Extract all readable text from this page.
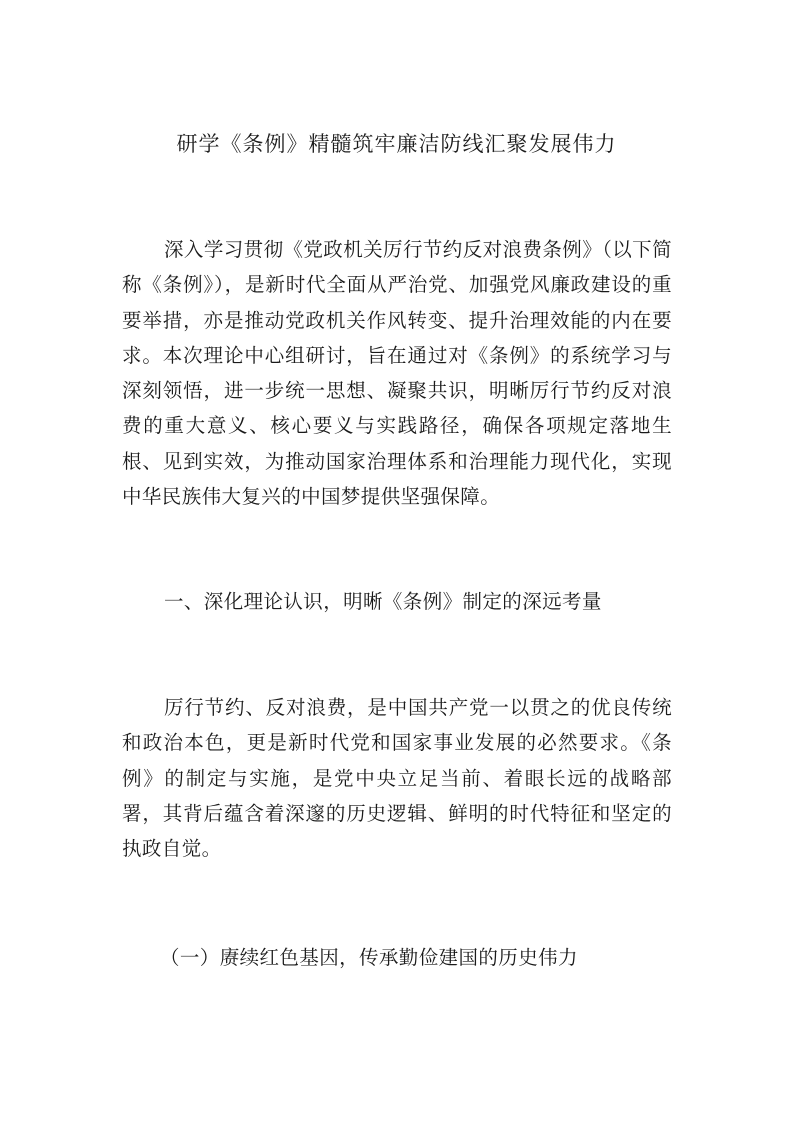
研学《条例》精髓筑牢廉洁防线汇聚发展伟力

深入学习贯彻《党政机关厉行节约反对浪费条例》（以下简称《条例》），是新时代全面从严治党、加强党风廉政建设的重要举措，亦是推动党政机关作风转变、提升治理效能的内在要求。本次理论中心组研讨，旨在通过对《条例》的系统学习与深刻领悟，进一步统一思想、凝聚共识，明晰厉行节约反对浪费的重大意义、核心要义与实践路径，确保各项规定落地生根、见到实效，为推动国家治理体系和治理能力现代化，实现中华民族伟大复兴的中国梦提供坚强保障。

一、深化理论认识，明晰《条例》制定的深远考量

厉行节约、反对浪费，是中国共产党一以贯之的优良传统和政治本色，更是新时代党和国家事业发展的必然要求。《条例》的制定与实施，是党中央立足当前、着眼长远的战略部署，其背后蕴含着深邃的历史逻辑、鲜明的时代特征和坚定的执政自觉。

（一）赓续红色基因，传承勤俭建国的历史伟力
